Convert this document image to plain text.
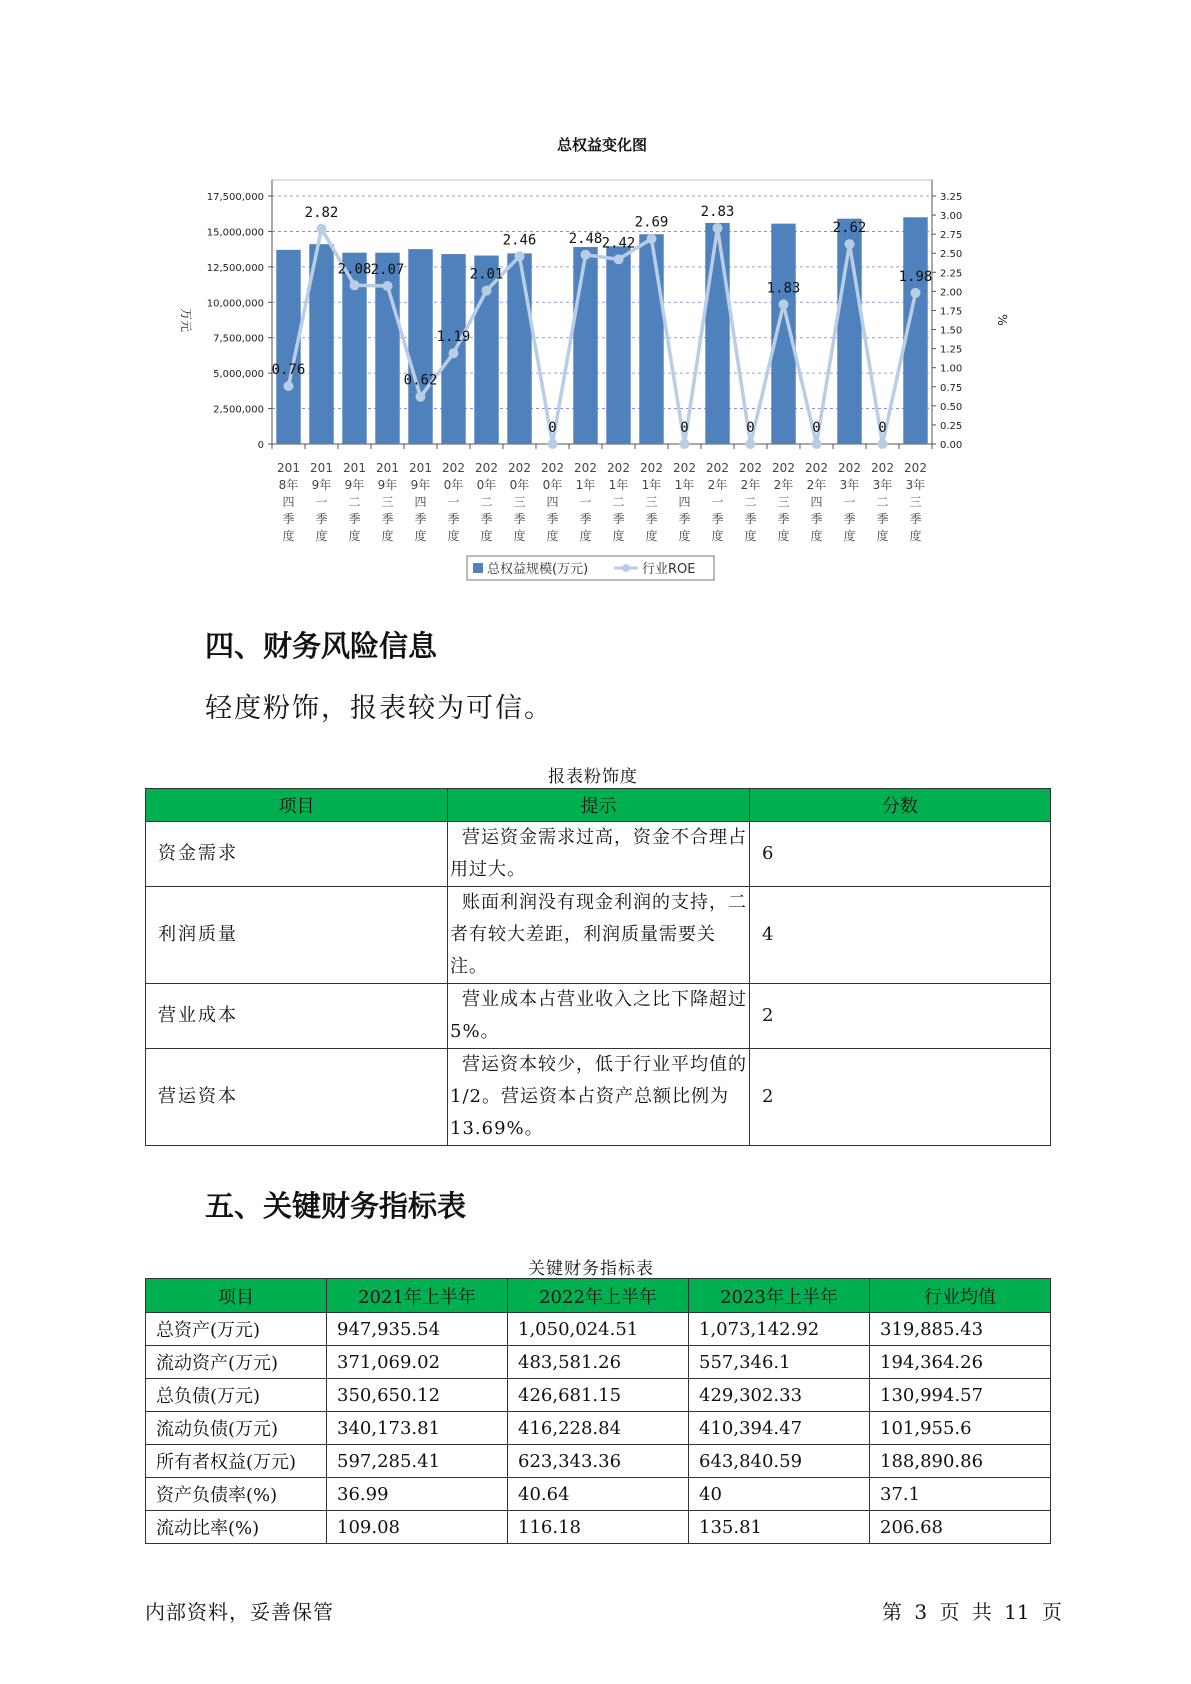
总权益变化图
0
2,500,000
5,000,000
7,500,000
10,000,000
12,500,000
15,000,000
17,500,000
0.00
0.25
0.50
0.75
1.00
1.25
1.50
1.75
2.00
2.25
2.50
2.75
3.00
3.25
万元	%
0.76
2.82
2.08 2.07
0.62
1.19
2.01
2.46
0
2.48 2.42
2.69
0
2.83
0
1.83
0
2.62
0
1.98
201
8年
四
季
度
201
9年
一
季
度
201
9年
二
季
度
201
9年
三
季
度
201
9年
四
季
度
202
0年
一
季
度
202
0年
二
季
度
202
0年
三
季
度
202
0年
四
季
度
202
1年
一
季
度
202
1年
二
季
度
202
1年
三
季
度
202
1年
四
季
度
202
2年
一
季
度
202
2年
二
季
度
202
2年
三
季
度
202
2年
四
季
度
202
3年
一
季
度
202
3年
二
季
度
202
3年
三
季
度
总权益规模(万元)	行业ROE
四、财务风险信息
轻度粉饰，报表较为可信。
报表粉饰度
项目	提示	分数
资金需求	营运资金需求过高，资金不合理占用过大。	6
利润质量	账面利润没有现金利润的支持，二者有较大差距，利润质量需要关注。	4
营业成本	营业成本占营业收入之比下降超过5%。	2
营运资本	营运资本较少，低于行业平均值的1/2。营运资本占资产总额比例为13.69%。	2
五、关键财务指标表
关键财务指标表
项目	2021年上半年	2022年上半年	2023年上半年	行业均值
总资产(万元)	947,935.54	1,050,024.51	1,073,142.92	319,885.43
流动资产(万元)	371,069.02	483,581.26	557,346.1	194,364.26
总负债(万元)	350,650.12	426,681.15	429,302.33	130,994.57
流动负债(万元)	340,173.81	416,228.84	410,394.47	101,955.6
所有者权益(万元)	597,285.41	623,343.36	643,840.59	188,890.86
资产负债率(%)	36.99	40.64	40	37.1
流动比率(%)	109.08	116.18	135.81	206.68
内部资料，妥善保管	第 3 页 共 11 页
